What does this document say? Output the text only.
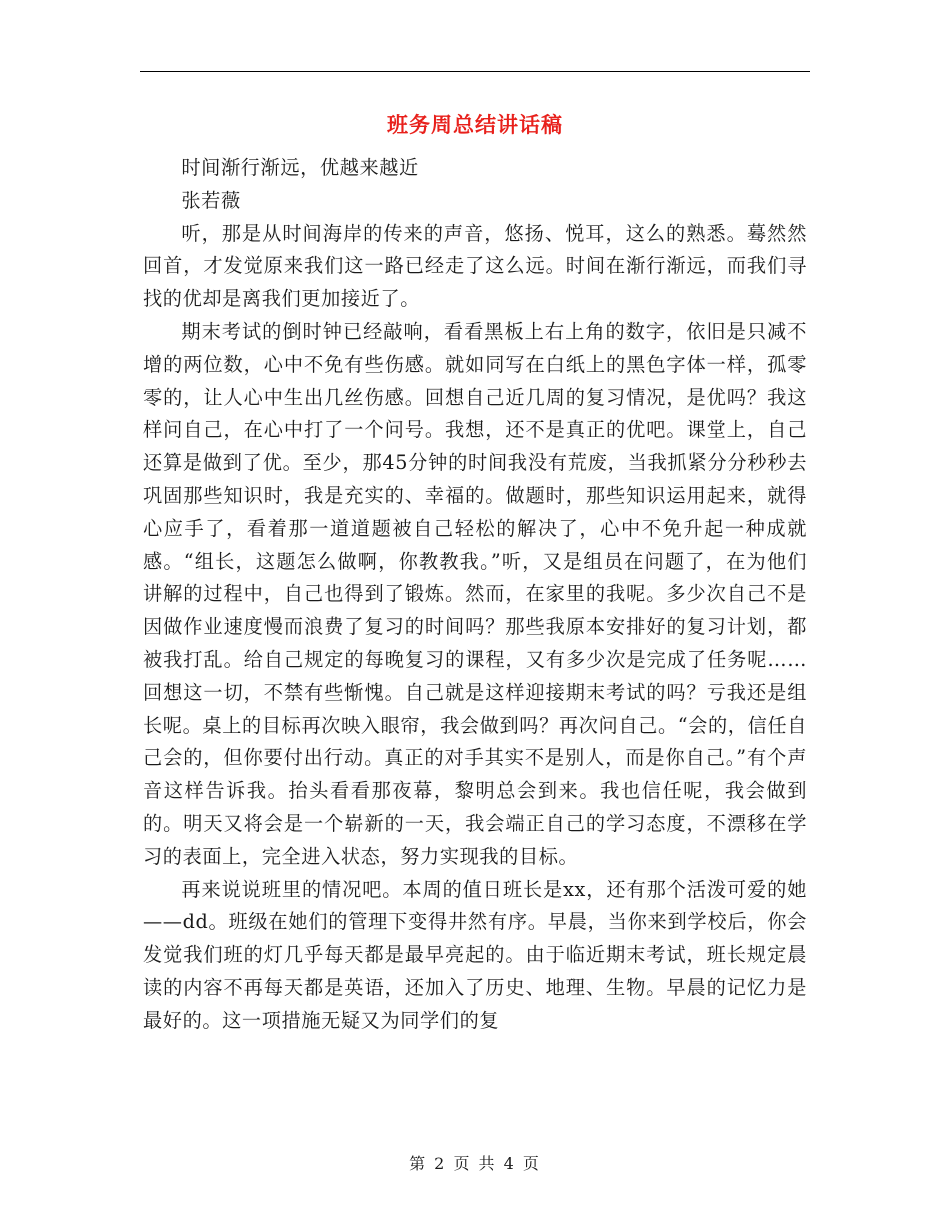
班务周总结讲话稿

时间渐行渐远，优越来越近

张若薇

听，那是从时间海岸的传来的声音，悠扬、悦耳，这么的熟悉。蓦然然回首，才发觉原来我们这一路已经走了这么远。时间在渐行渐远，而我们寻找的优却是离我们更加接近了。

期末考试的倒时钟已经敲响，看看黑板上右上角的数字，依旧是只减不增的两位数，心中不免有些伤感。就如同写在白纸上的黑色字体一样，孤零零的，让人心中生出几丝伤感。回想自己近几周的复习情况，是优吗？我这样问自己，在心中打了一个问号。我想，还不是真正的优吧。课堂上，自己还算是做到了优。至少，那45分钟的时间我没有荒废，当我抓紧分分秒秒去巩固那些知识时，我是充实的、幸福的。做题时，那些知识运用起来，就得心应手了，看着那一道道题被自己轻松的解决了，心中不免升起一种成就感。“组长，这题怎么做啊，你教教我。”听，又是组员在问题了，在为他们讲解的过程中，自己也得到了锻炼。然而，在家里的我呢。多少次自己不是因做作业速度慢而浪费了复习的时间吗？那些我原本安排好的复习计划，都被我打乱。给自己规定的每晚复习的课程，又有多少次是完成了任务呢……回想这一切，不禁有些惭愧。自己就是这样迎接期末考试的吗？亏我还是组长呢。桌上的目标再次映入眼帘，我会做到吗？再次问自己。“会的，信任自己会的，但你要付出行动。真正的对手其实不是别人，而是你自己。”有个声音这样告诉我。抬头看看那夜幕，黎明总会到来。我也信任呢，我会做到的。明天又将会是一个崭新的一天，我会端正自己的学习态度，不漂移在学习的表面上，完全进入状态，努力实现我的目标。

再来说说班里的情况吧。本周的值日班长是xx，还有那个活泼可爱的她——dd。班级在她们的管理下变得井然有序。早晨，当你来到学校后，你会发觉我们班的灯几乎每天都是最早亮起的。由于临近期末考试，班长规定晨读的内容不再每天都是英语，还加入了历史、地理、生物。早晨的记忆力是最好的。这一项措施无疑又为同学们的复

第 2 页 共 4 页
